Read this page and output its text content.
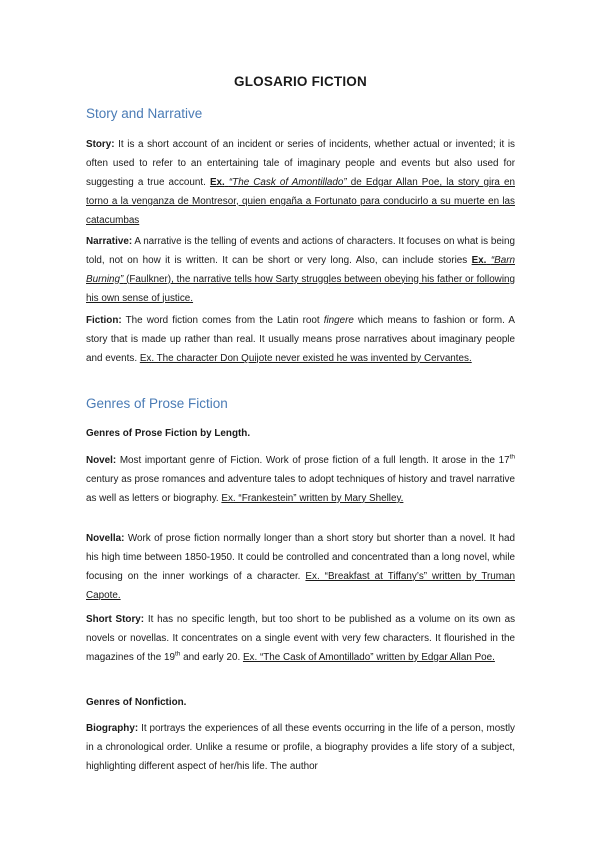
GLOSARIO FICTION
Story and Narrative

Story: It is a short account of an incident or series of incidents, whether actual or invented; it is often used to refer to an entertaining tale of imaginary people and events but also used for suggesting a true account. Ex. “The Cask of Amontillado” de Edgar Allan Poe, la story gira en torno a la venganza de Montresor, quien engaña a Fortunato para conducirlo a su muerte en las catacumbas

Narrative: A narrative is the telling of events and actions of characters. It focuses on what is being told, not on how it is written. It can be short or very long. Also, can include stories Ex. “Barn Burning” (Faulkner), the narrative tells how Sarty struggles between obeying his father or following his own sense of justice.

Fiction: The word fiction comes from the Latin root fingere which means to fashion or form. A story that is made up rather than real. It usually means prose narratives about imaginary people and events. Ex. The character Don Quijote never existed he was invented by Cervantes.

Genres of Prose Fiction

Genres of Prose Fiction by Length.

Novel: Most important genre of Fiction. Work of prose fiction of a full length. It arose in the 17th century as prose romances and adventure tales to adopt techniques of history and travel narrative as well as letters or biography. Ex. “Frankestein” written by Mary Shelley.

Novella: Work of prose fiction normally longer than a short story but shorter than a novel. It had his high time between 1850-1950. It could be controlled and concentrated than a long novel, while focusing on the inner workings of a character. Ex. “Breakfast at Tiffany’s” written by Truman Capote.

Short Story: It has no specific length, but too short to be published as a volume on its own as novels or novellas. It concentrates on a single event with very few characters. It flourished in the magazines of the 19th and early 20. Ex. “The Cask of Amontillado” written by Edgar Allan Poe.

Genres of Nonfiction.

Biography: It portrays the experiences of all these events occurring in the life of a person, mostly in a chronological order. Unlike a resume or profile, a biography provides a life story of a subject, highlighting different aspect of her/his life. The author
